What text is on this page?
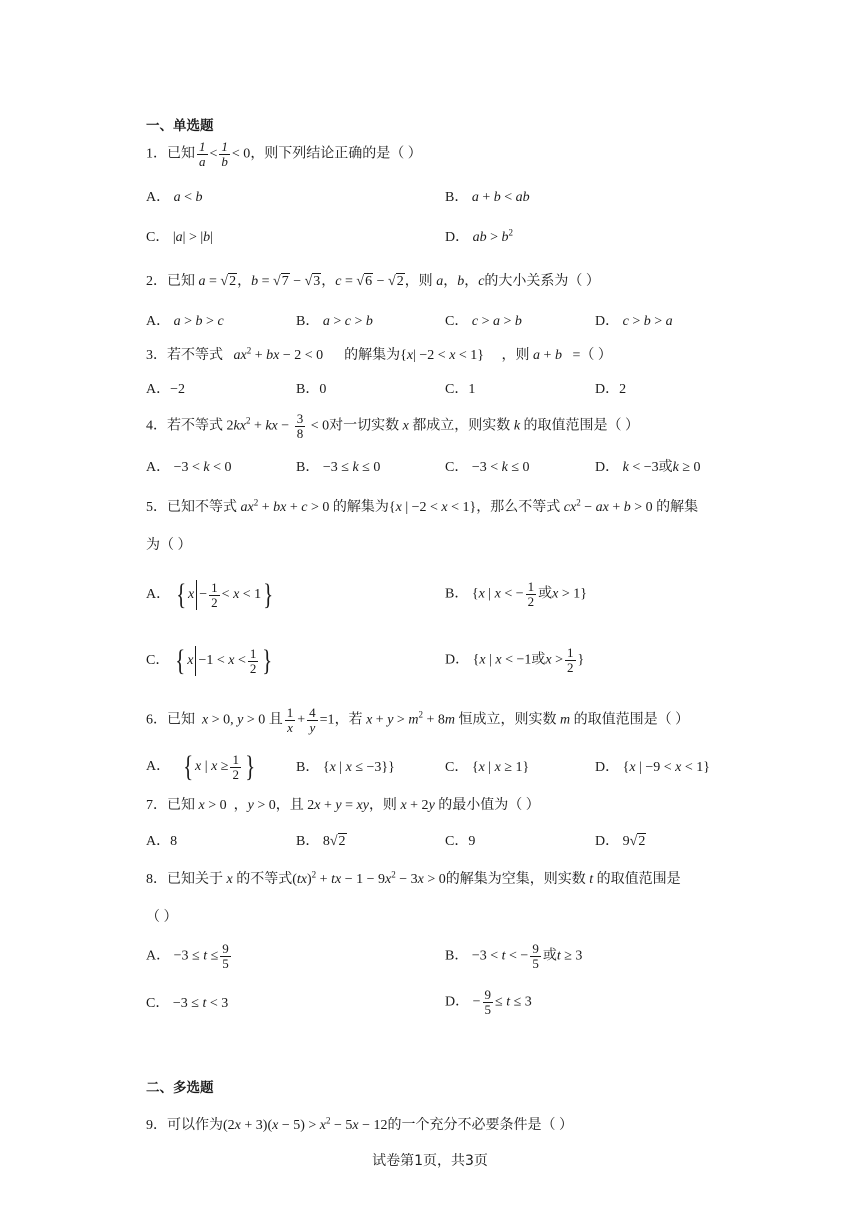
一、单选题
1．已知 $\frac{1}{a} < \frac{1}{b} < 0$，则下列结论正确的是（ ）
A． a < b	B． a + b < ab
C． |a| > |b|	D． ab > $b^2$
2．已知 a = √2，b = √7 − √3，c = √6 − √2，则 a，b，c的大小关系为（ ）
A． a > b > c	B． a > c > b	C． c > a > b	D． c > b > a
3．若不等式 $ax^2$ + bx − 2 < 0      的解集为{x| −2 < x < 1}     ，则 a + b =（ ）
A．−2	B．0	C．1	D．2
4．若不等式 $2kx^2$ + kx − $\frac{3}{8} < 0$对一切实数 x 都成立，则实数 k 的取值范围是（ ）
A． −3 < k < 0	B． −3 ≤ k ≤ 0	C． −3 < k ≤ 0	D． k < −3或k ≥ 0
5．已知不等式 $ax^2$ + bx + c > 0 的解集为{x | −2 < x < 1}，那么不等式 $cx^2$ − ax + b > 0 的解集
为（ ）
A． { $x - \frac{1}{2} < x < 1$}	B． {x | x < − $\frac{1}{2}$ 或x > 1}
C． { $x -1 < x < \frac{1}{2}$ }	D． {x | x < −1或$x > \frac{1}{2}$ }
6．已知 x > 0, y > 0 且 $\frac{1}{x} + \frac{4}{y} =1$，若 $x + y > m^2 + 8m$ 恒成立，则实数 m 的取值范围是（ ）
A． { x | $x \ge \frac{1}{2}$ }	B． {x | x ≤ −3}}	C． {x | x ≥ 1}	D． {x | −9 < x < 1}
7．已知 x > 0  ，y > 0，且 2x + y = xy，则 x + 2y 的最小值为（ ）
A．8	B． 8√2	C．9	D． 9√2
8．已知关于 x 的不等式(tx)$^2$ + tx − $1 - 9x^2 - 3x > 0$的解集为空集，则实数 t 的取值范围是
（ ）
A． $-3 \le t \le \frac{9}{5}$	B． −3 < t < − $\frac{9}{5}$ 或t ≥ 3
C． −3 ≤ t < 3	D． − $\frac{9}{5} \le t \le 3$
二、多选题
9．可以作为$(2x + 3)(x - 5) > x^2 - 5x - 12$的一个充分不必要条件是（ ）
试卷第1页，共3页
